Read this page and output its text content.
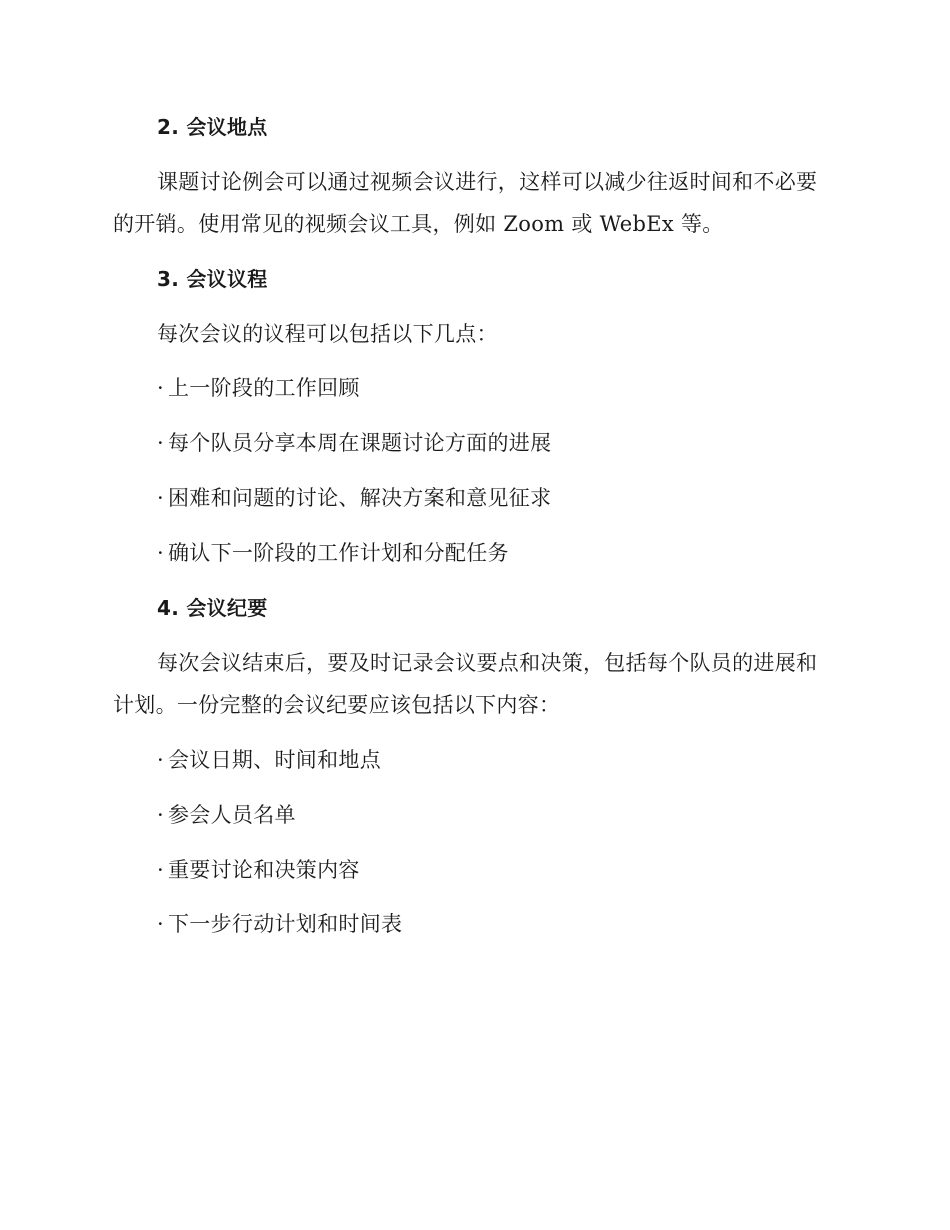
2. 会议地点
课题讨论例会可以通过视频会议进行，这样可以减少往返时间和不必要
的开销。使用常见的视频会议工具，例如 Zoom 或 WebEx 等。
3. 会议议程
每次会议的议程可以包括以下几点：
· 上一阶段的工作回顾
· 每个队员分享本周在课题讨论方面的进展
· 困难和问题的讨论、解决方案和意见征求
· 确认下一阶段的工作计划和分配任务
4. 会议纪要
每次会议结束后，要及时记录会议要点和决策，包括每个队员的进展和
计划。一份完整的会议纪要应该包括以下内容：
· 会议日期、时间和地点
· 参会人员名单
· 重要讨论和决策内容
· 下一步行动计划和时间表
